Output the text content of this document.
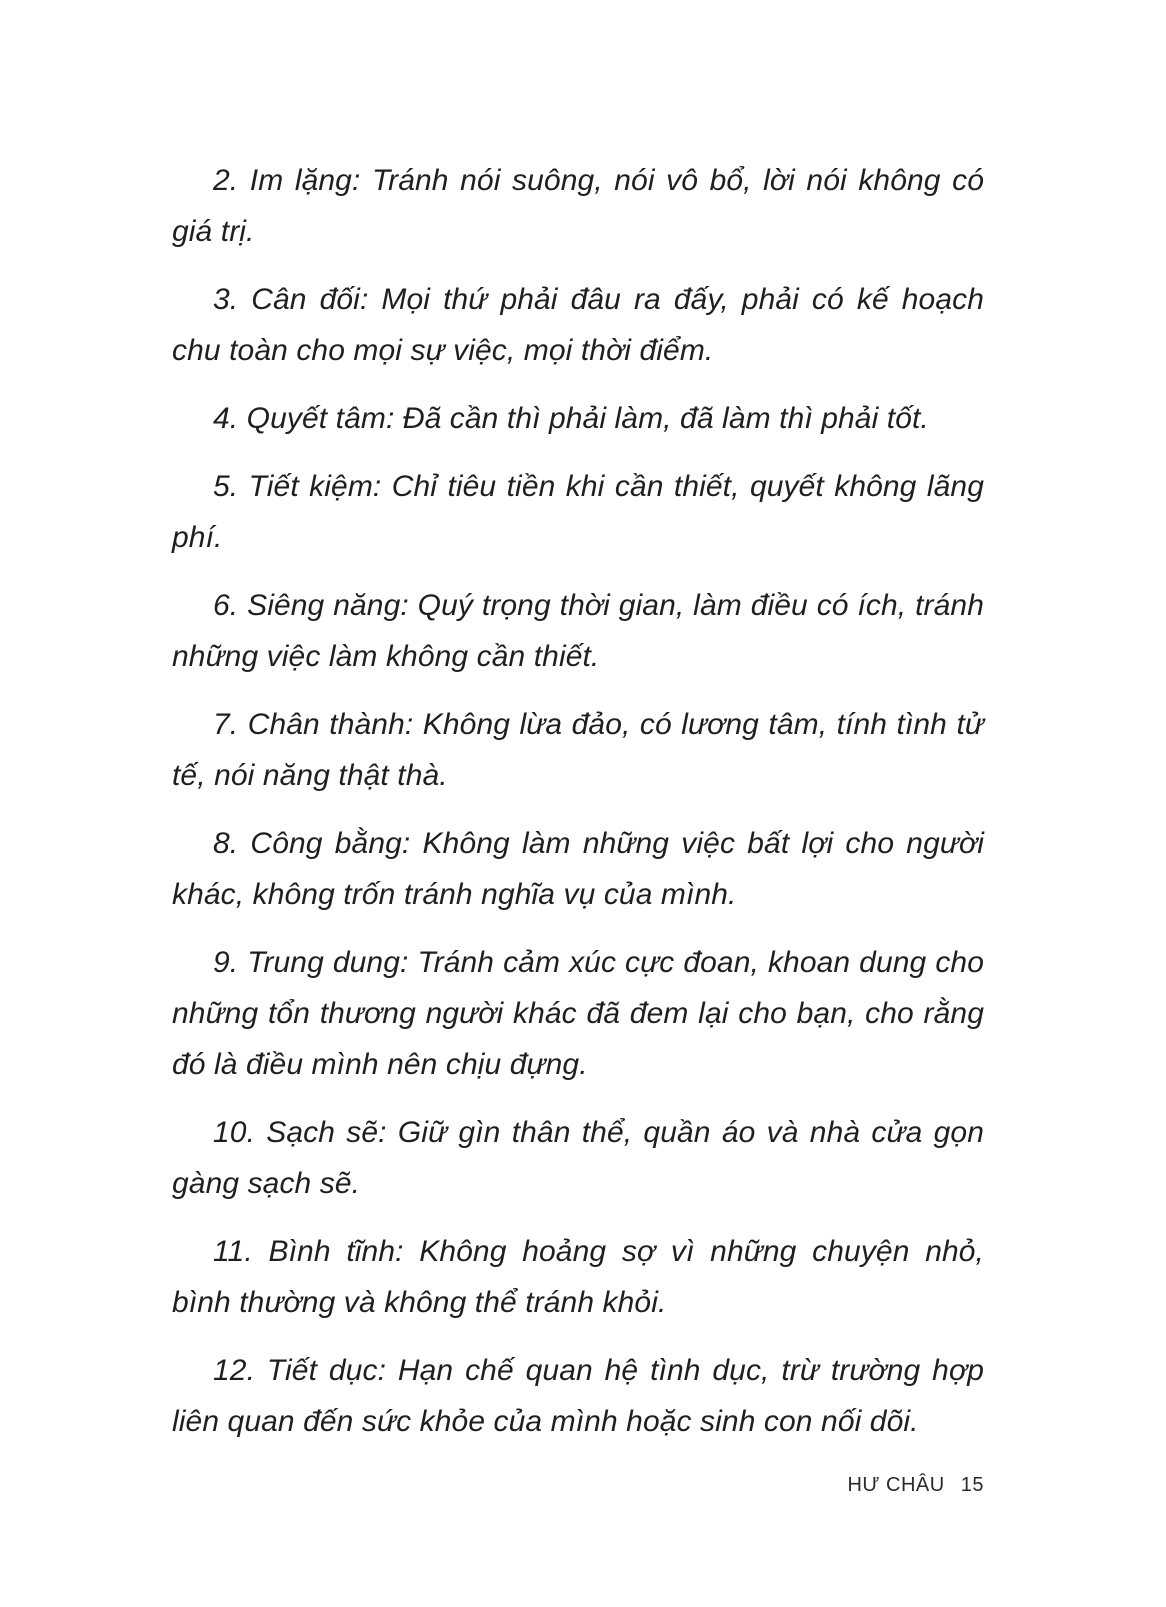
2. Im lặng: Tránh nói suông, nói vô bổ, lời nói không có giá trị.

3. Cân đối: Mọi thứ phải đâu ra đấy, phải có kế hoạch chu toàn cho mọi sự việc, mọi thời điểm.

4. Quyết tâm: Đã cần thì phải làm, đã làm thì phải tốt.

5. Tiết kiệm: Chỉ tiêu tiền khi cần thiết, quyết không lãng phí.

6. Siêng năng: Quý trọng thời gian, làm điều có ích, tránh những việc làm không cần thiết.

7. Chân thành: Không lừa đảo, có lương tâm, tính tình tử tế, nói năng thật thà.

8. Công bằng: Không làm những việc bất lợi cho người khác, không trốn tránh nghĩa vụ của mình.

9. Trung dung: Tránh cảm xúc cực đoan, khoan dung cho những tổn thương người khác đã đem lại cho bạn, cho rằng đó là điều mình nên chịu đựng.

10. Sạch sẽ: Giữ gìn thân thể, quần áo và nhà cửa gọn gàng sạch sẽ.

11. Bình tĩnh: Không hoảng sợ vì những chuyện nhỏ, bình thường và không thể tránh khỏi.

12. Tiết dục: Hạn chế quan hệ tình dục, trừ trường hợp liên quan đến sức khỏe của mình hoặc sinh con nối dõi.

HƯ CHÂU 15
